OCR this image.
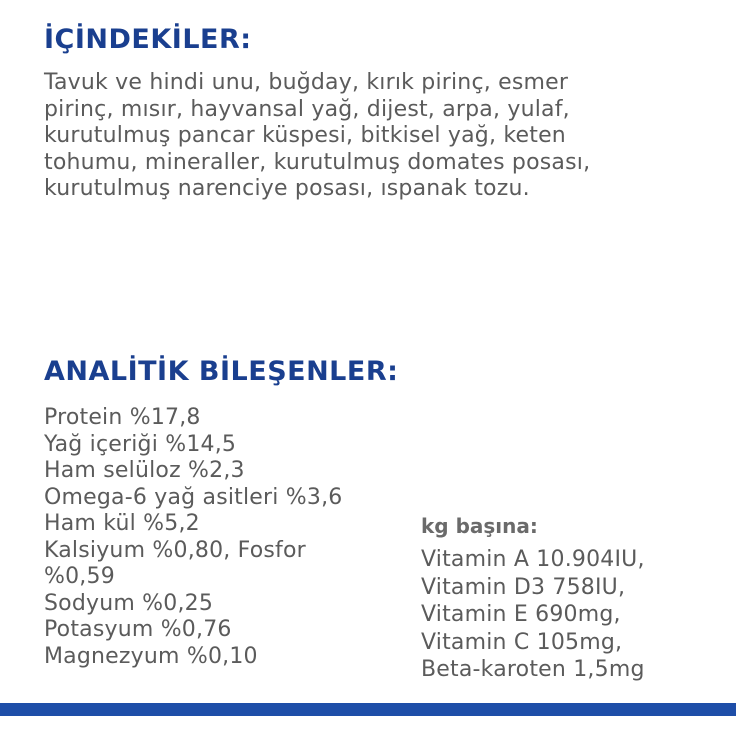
İÇİNDEKİLER:

Tavuk ve hindi unu, buğday, kırık pirinç, esmer
pirinç, mısır, hayvansal yağ, dijest, arpa, yulaf,
kurutulmuş pancar küspesi, bitkisel yağ, keten
tohumu, mineraller, kurutulmuş domates posası,
kurutulmuş narenciye posası, ıspanak tozu.

ANALİTİK BİLEŞENLER:
Protein %17,8
Yağ içeriği %14,5
Ham selüloz %2,3
Omega-6 yağ asitleri %3,6
Ham kül %5,2
Kalsiyum %0,80, Fosfor
%0,59
Sodyum %0,25
Potasyum %0,76
Magnezyum %0,10
kg başına:
Vitamin A 10.904IU,
Vitamin D3 758IU,
Vitamin E 690mg,
Vitamin C 105mg,
Beta-karoten 1,5mg
